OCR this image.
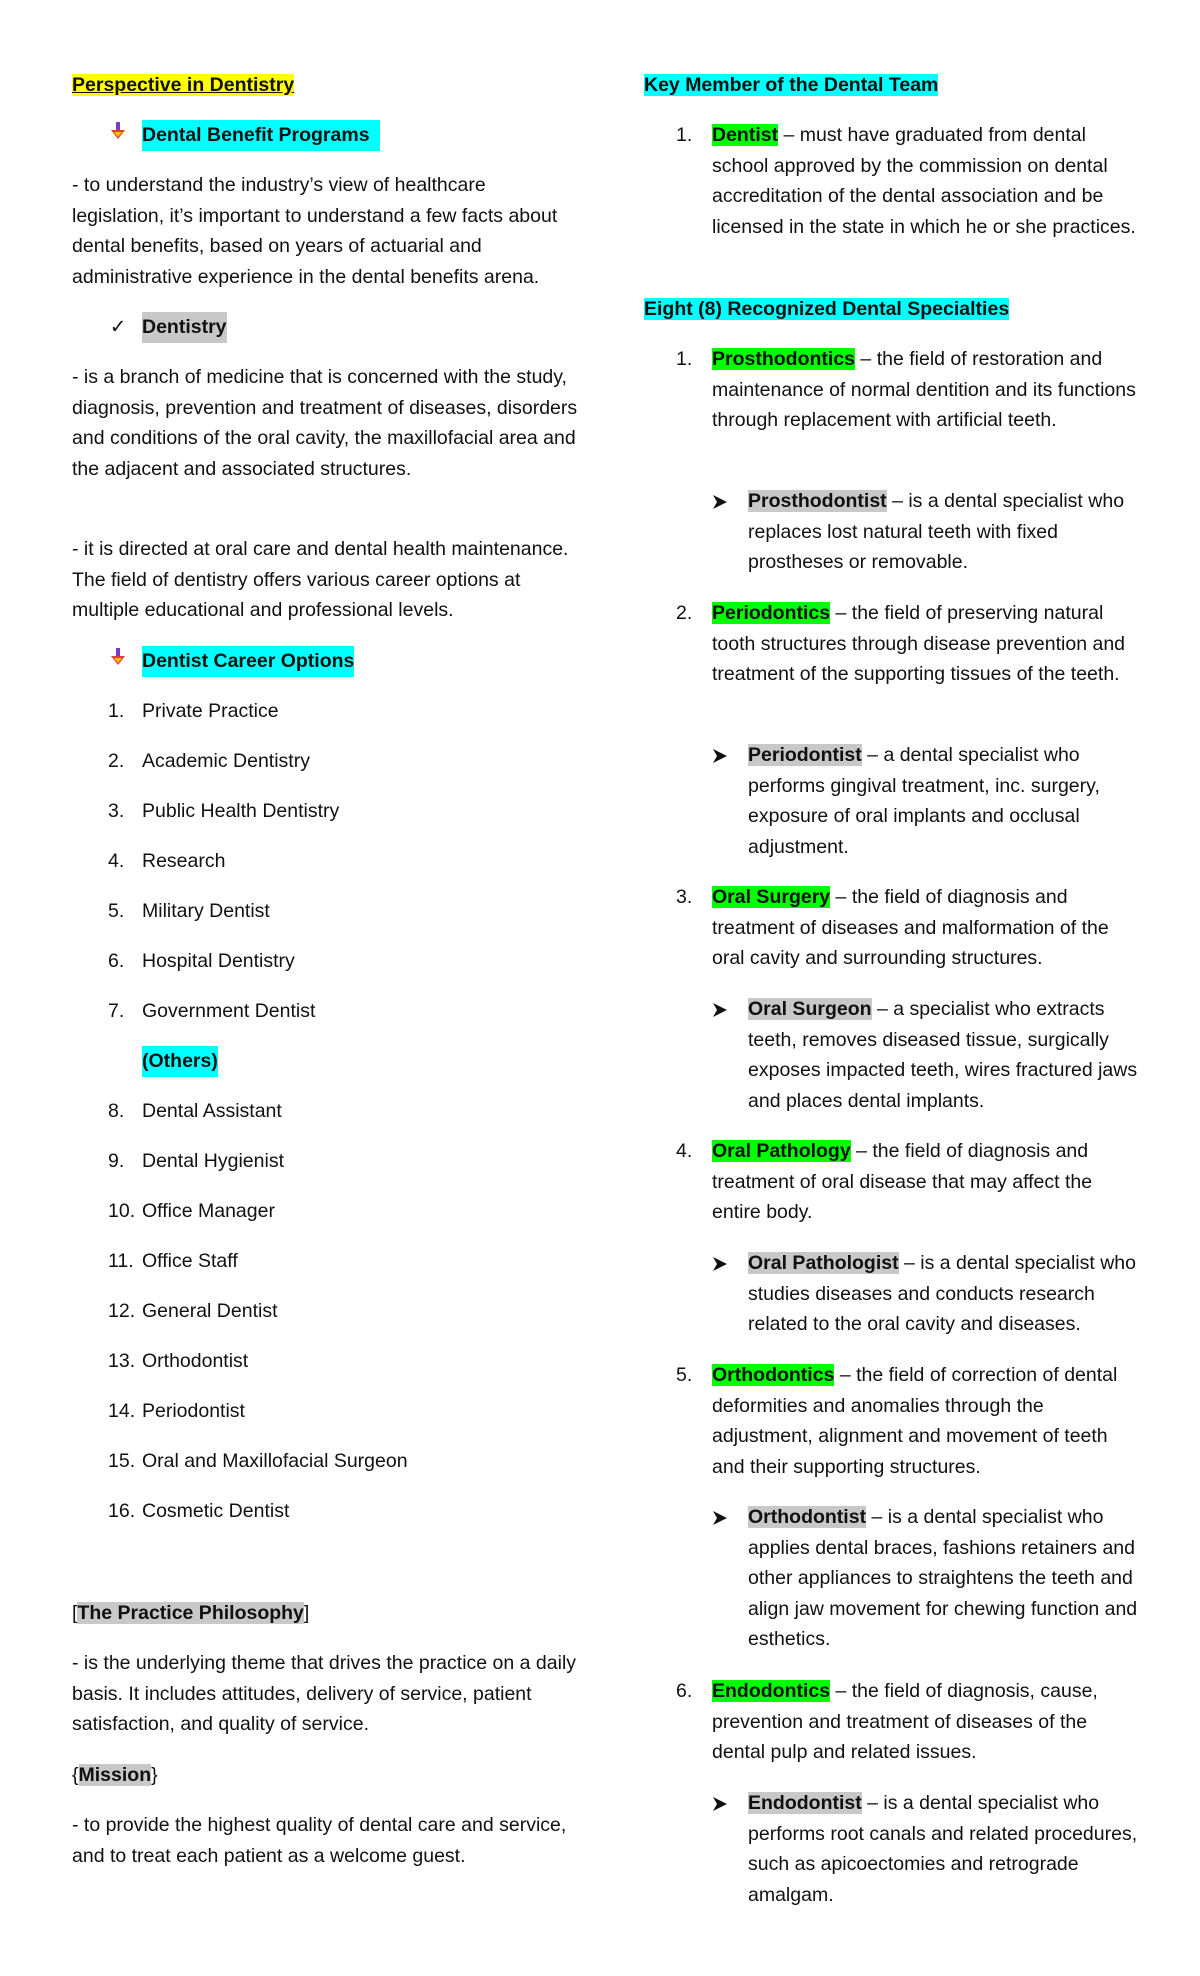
Perspective in Dentistry
Dental Benefit Programs
- to understand the industry’s view of healthcare legislation, it’s important to understand a few facts about dental benefits, based on years of actuarial and administrative experience in the dental benefits arena.
✓ Dentistry
- is a branch of medicine that is concerned with the study, diagnosis, prevention and treatment of diseases, disorders and conditions of the oral cavity, the maxillofacial area and the adjacent and associated structures.
- it is directed at oral care and dental health maintenance. The field of dentistry offers various career options at multiple educational and professional levels.
Dentist Career Options
1. Private Practice
2. Academic Dentistry
3. Public Health Dentistry
4. Research
5. Military Dentist
6. Hospital Dentistry
7. Government Dentist
(Others)
8. Dental Assistant
9. Dental Hygienist
10. Office Manager
11. Office Staff
12. General Dentist
13. Orthodontist
14. Periodontist
15. Oral and Maxillofacial Surgeon
16. Cosmetic Dentist
[The Practice Philosophy]
- is the underlying theme that drives the practice on a daily basis. It includes attitudes, delivery of service, patient satisfaction, and quality of service.
{Mission}
- to provide the highest quality of dental care and service, and to treat each patient as a welcome guest.
Key Member of the Dental Team
1.	Dentist – must have graduated from dental school approved by the commission on dental accreditation of the dental association and be licensed in the state in which he or she practices.
Eight (8) Recognized Dental Specialties
1.	Prosthodontics – the field of restoration and maintenance of normal dentition and its functions through replacement with artificial teeth.
Prosthodontist – is a dental specialist who replaces lost natural teeth with fixed prostheses or removable.
2.	Periodontics – the field of preserving natural tooth structures through disease prevention and treatment of the supporting tissues of the teeth.
Periodontist – a dental specialist who performs gingival treatment, inc. surgery, exposure of oral implants and occlusal adjustment.
3.	Oral Surgery – the field of diagnosis and treatment of diseases and malformation of the oral cavity and surrounding structures.
Oral Surgeon – a specialist who extracts teeth, removes diseased tissue, surgically exposes impacted teeth, wires fractured jaws and places dental implants.
4.	Oral Pathology – the field of diagnosis and treatment of oral disease that may affect the entire body.
Oral Pathologist – is a dental specialist who studies diseases and conducts research related to the oral cavity and diseases.
5.	Orthodontics – the field of correction of dental deformities and anomalies through the adjustment, alignment and movement of teeth and their supporting structures.
Orthodontist – is a dental specialist who applies dental braces, fashions retainers and other appliances to straightens the teeth and align jaw movement for chewing function and esthetics.
6.	Endodontics – the field of diagnosis, cause, prevention and treatment of diseases of the dental pulp and related issues.
Endodontist – is a dental specialist who performs root canals and related procedures, such as apicoectomies and retrograde amalgam.
